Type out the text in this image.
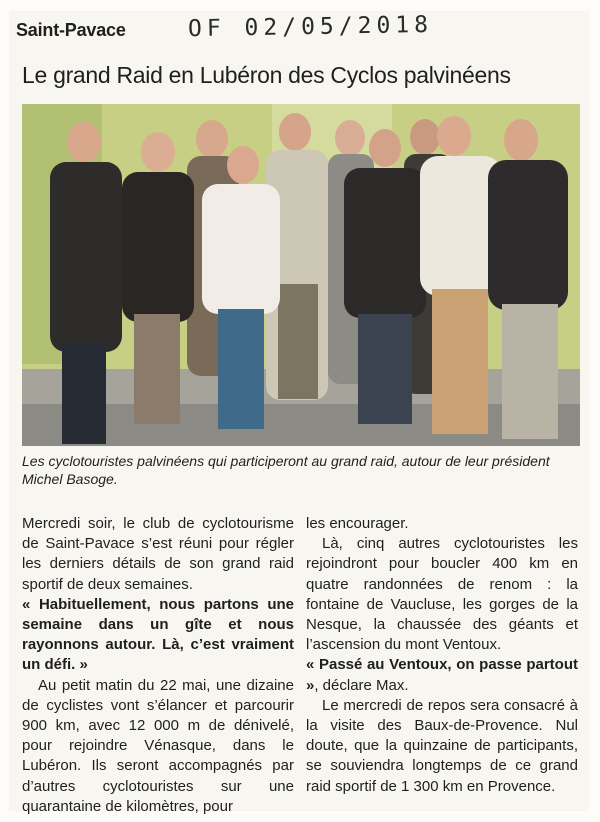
Saint-Pavace	OF 02/05/2018
Le grand Raid en Lubéron des Cyclos palvinéens
Les cyclotouristes palvinéens qui participeront au grand raid, autour de leur président Michel Basoge.

Mercredi soir, le club de cyclotourisme de Saint-Pavace s’est réuni pour régler les derniers détails de son grand raid sportif de deux semaines.

« Habituellement, nous partons une semaine dans un gîte et nous rayonnons autour. Là, c’est vraiment un défi. »

Au petit matin du 22 mai, une dizaine de cyclistes vont s’élancer et parcourir 900 km, avec 12 000 m de dénivelé, pour rejoindre Vénasque, dans le Lubéron. Ils seront accompagnés par d’autres cyclotouristes sur une quarantaine de kilomètres, pour

les encourager.

Là, cinq autres cyclotouristes les rejoindront pour boucler 400 km en quatre randonnées de renom : la fontaine de Vaucluse, les gorges de la Nesque, la chaussée des géants et l’ascension du mont Ventoux.

« Passé au Ventoux, on passe partout », déclare Max.

Le mercredi de repos sera consacré à la visite des Baux-de-Provence. Nul doute, que la quinzaine de participants, se souviendra longtemps de ce grand raid sportif de 1 300 km en Provence.
